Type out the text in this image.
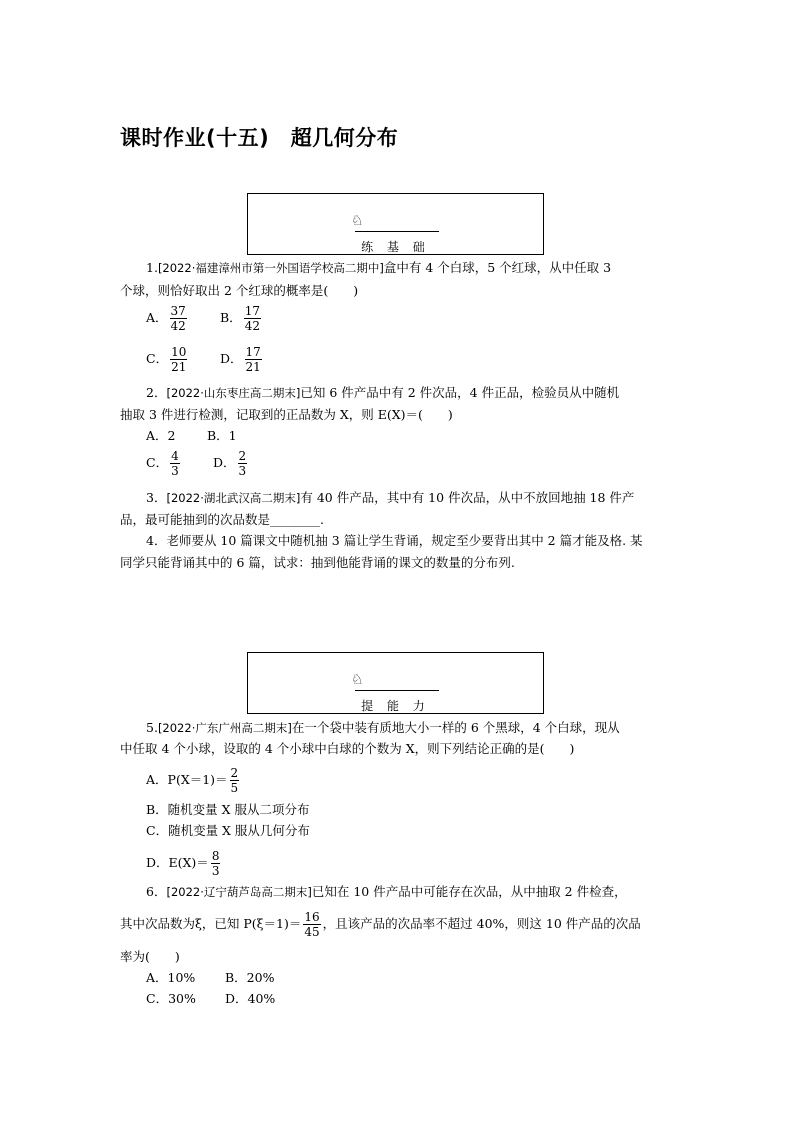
课时作业(十五)　超几何分布
♘
练 基 础
1.[2022·福建漳州市第一外国语学校高二期中]盒中有 4 个白球，5 个红球，从中任取 3
个球，则恰好取出 2 个红球的概率是(　　)
A． $\frac{37}{42}$	B． $\frac{17}{42}$
C． $\frac{10}{21}$	D． $\frac{17}{21}$
2．[2022·山东枣庄高二期末]已知 6 件产品中有 2 件次品，4 件正品，检验员从中随机
抽取 3 件进行检测，记取到的正品数为 X，则 E(X)＝(　　)
A．2	B．1
C． $\frac{4}{3}$	D． $\frac{2}{3}$
3．[2022·湖北武汉高二期末]有 40 件产品，其中有 10 件次品，从中不放回地抽 18 件产
品，最可能抽到的次品数是________.
4．老师要从 10 篇课文中随机抽 3 篇让学生背诵，规定至少要背出其中 2 篇才能及格. 某
同学只能背诵其中的 6 篇，试求：抽到他能背诵的课文的数量的分布列.
♘
提 能 力
5.[2022·广东广州高二期末]在一个袋中装有质地大小一样的 6 个黑球，4 个白球，现从
中任取 4 个小球，设取的 4 个小球中白球的个数为 X，则下列结论正确的是(　　)
A．$P(X=1)= \frac{2}{5}$
B．随机变量 X 服从二项分布
C．随机变量 X 服从几何分布
D．$E(X)= \frac{8}{3}$
6．[2022·辽宁葫芦岛高二期末]已知在 10 件产品中可能存在次品，从中抽取 2 件检查，
其中次品数为ξ，已知 $P(\xi=1)= \frac{16}{45}$ ，且该产品的次品率不超过 40%，则这 10 件产品的次品
率为(　　)
A．10% B．20%
C．30% D．40%
